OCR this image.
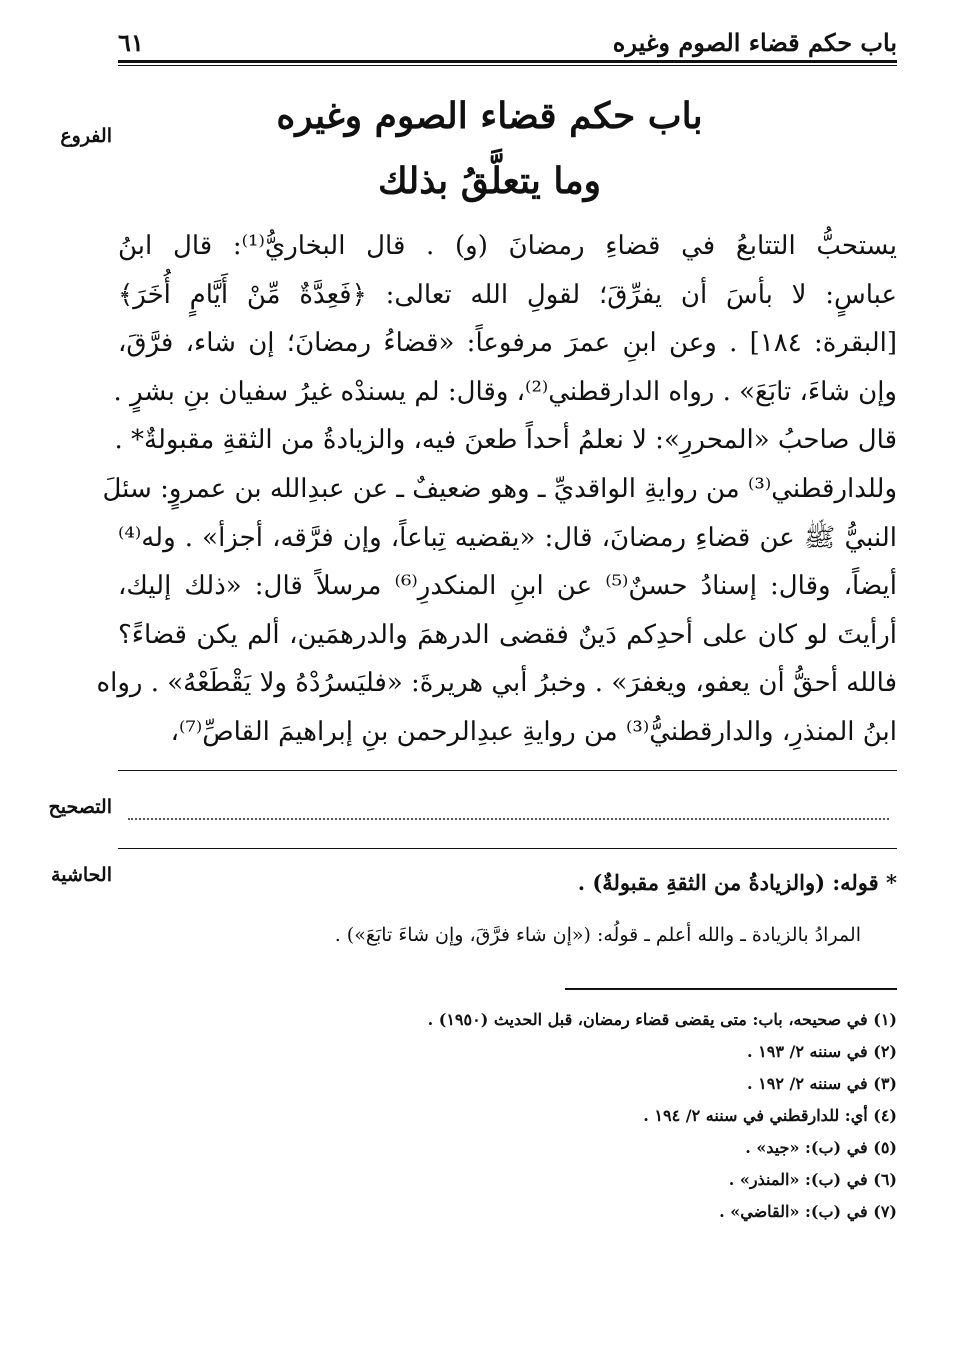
باب حكم قضاء الصوم وغيره
٦١
الفروع
التصحيح
الحاشية
باب حكم قضاء الصوم وغيره
وما يتعلَّقُ بذلك
يستحبُّ التتابعُ في قضاءِ رمضانَ (و) . قال البخاريُّ⁽¹⁾: قال ابنُ
عباسٍ: لا بأسَ أن يفرِّقَ؛ لقولِ الله تعالى: ﴿فَعِدَّةٌ مِّنْ أَيَّامٍ أُخَرَ﴾
[البقرة: ١٨٤] . وعن ابنِ عمرَ مرفوعاً: «قضاءُ رمضانَ؛ إن شاء، فرَّقَ،
وإن شاءَ، تابَعَ» . رواه الدارقطني⁽²⁾، وقال: لم يسندْه غيرُ سفيان بنِ بشرٍ .
قال صاحبُ «المحررِ»: لا نعلمُ أحداً طعنَ فيه، والزيادةُ من الثقةِ مقبولةٌ* .
وللدارقطني⁽³⁾ من روايةِ الواقديِّ ـ وهو ضعيفٌ ـ عن عبدِالله بن عمروٍ: سئلَ
النبيُّ ﷺ عن قضاءِ رمضانَ، قال: «يقضيه تِباعاً، وإن فرَّقه، أجزأ» . وله⁽⁴⁾
أيضاً، وقال: إسنادُ حسنٌ⁽⁵⁾ عن ابنِ المنكدرِ⁽⁶⁾ مرسلاً قال: «ذلك إليك،
أرأيتَ لو كان على أحدِكم دَينٌ فقضى الدرهمَ والدرهمَين، ألم يكن قضاءً؟
فالله أحقُّ أن يعفو، ويغفرَ» . وخبرُ أبي هريرةَ: «فليَسرُدْهُ ولا يَقْطَعْهُ» . رواه
ابنُ المنذرِ، والدارقطنيُّ⁽³⁾ من روايةِ عبدِالرحمن بنِ إبراهيمَ القاصِّ⁽⁷⁾،
* قوله: (والزيادةُ من الثقةِ مقبولةٌ) .
المرادُ بالزيادة ـ والله أعلم ـ قولُه: («إن شاء فرَّقَ، وإن شاءَ تابَعَ») .
(١) في صحيحه، باب: متى يقضى قضاء رمضان، قبل الحديث (١٩٥٠) .
(٢) في سننه ٢/ ١٩٣ .
(٣) في سننه ٢/ ١٩٢ .
(٤) أي: للدارقطني في سننه ٢/ ١٩٤ .
(٥) في (ب): «جيد» .
(٦) في (ب): «المنذر» .
(٧) في (ب): «القاضي» .
